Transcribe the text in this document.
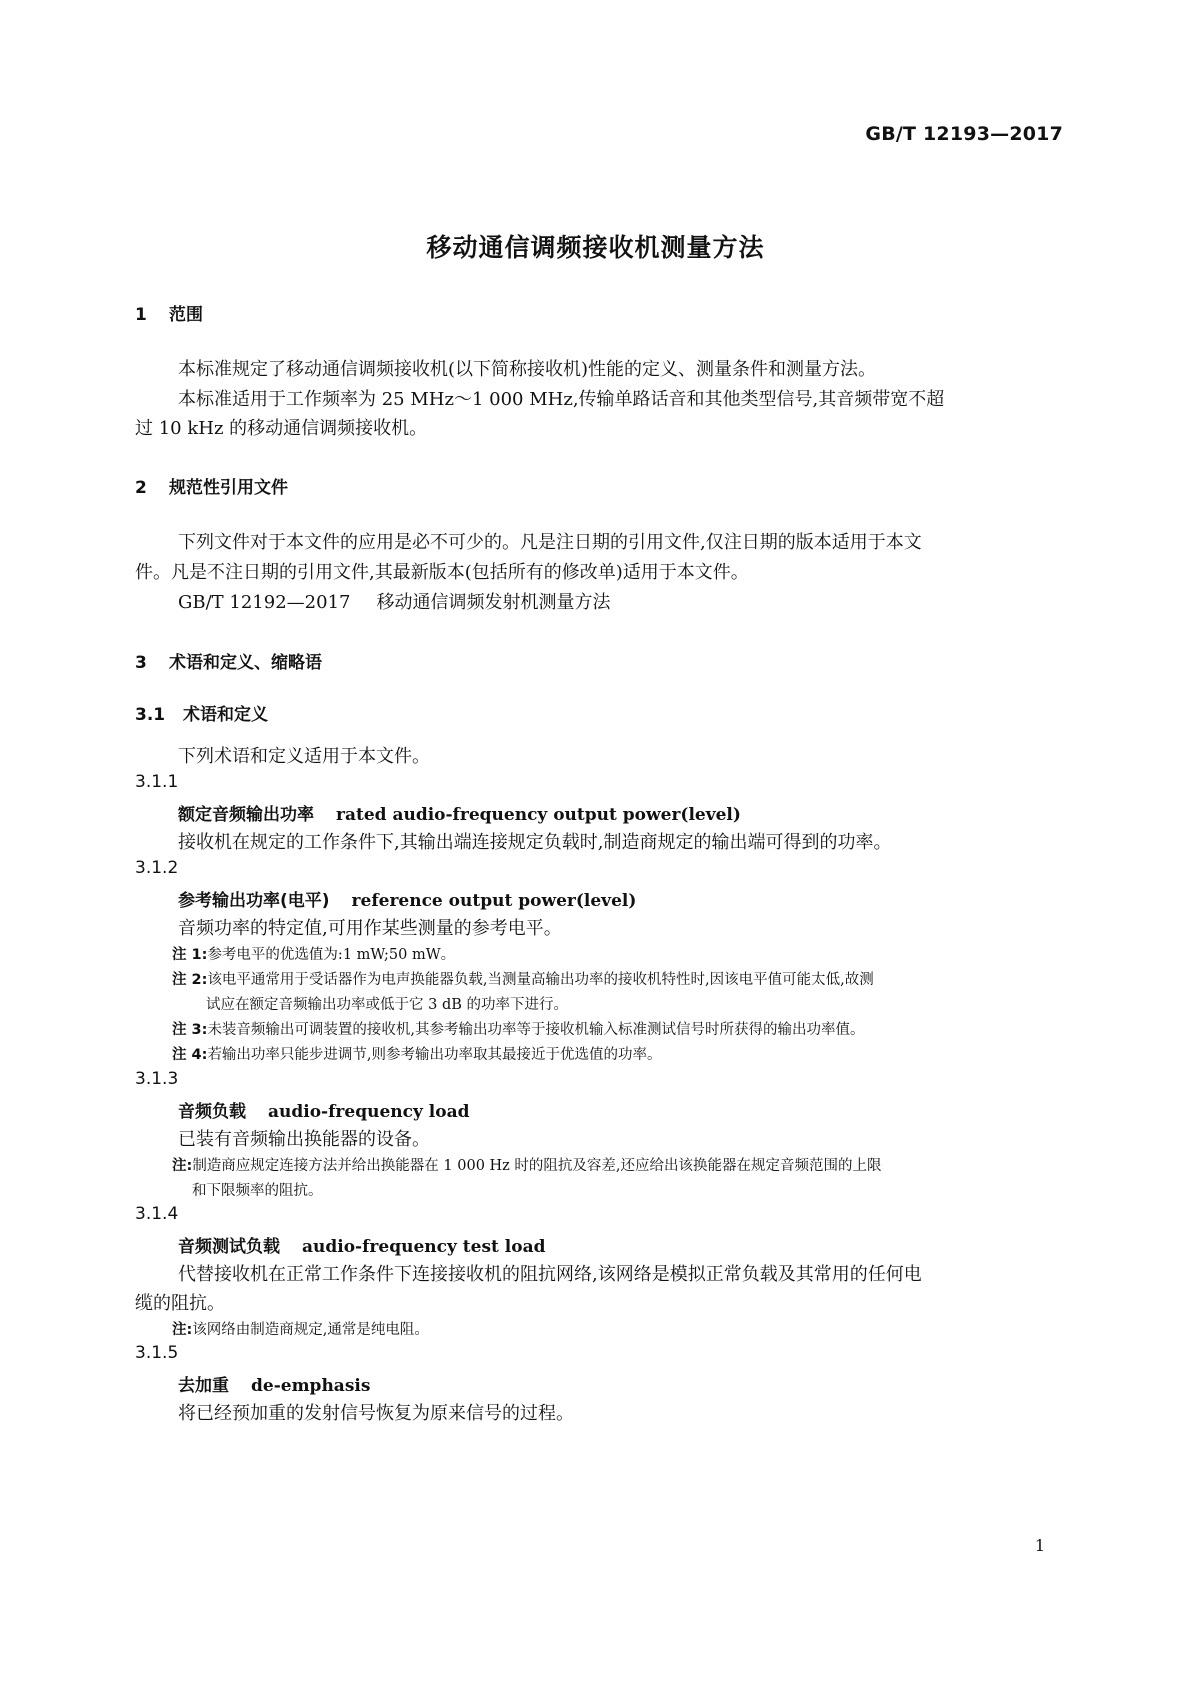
GB/T 12193—2017
移动通信调频接收机测量方法
1 范围
本标准规定了移动通信调频接收机(以下简称接收机)性能的定义、测量条件和测量方法。
本标准适用于工作频率为 25 MHz～1 000 MHz,传输单路话音和其他类型信号,其音频带宽不超
过 10 kHz 的移动通信调频接收机。
2 规范性引用文件
下列文件对于本文件的应用是必不可少的。凡是注日期的引用文件,仅注日期的版本适用于本文
件。凡是不注日期的引用文件,其最新版本(包括所有的修改单)适用于本文件。
GB/T 12192—2017 移动通信调频发射机测量方法
3 术语和定义、缩略语
3.1 术语和定义
下列术语和定义适用于本文件。
3.1.1
额定音频输出功率 rated audio-frequency output power(level)
接收机在规定的工作条件下,其输出端连接规定负载时,制造商规定的输出端可得到的功率。
3.1.2
参考输出功率(电平) reference output power(level)
音频功率的特定值,可用作某些测量的参考电平。
注 1:参考电平的优选值为:1 mW;50 mW。
注 2:该电平通常用于受话器作为电声换能器负载,当测量高输出功率的接收机特性时,因该电平值可能太低,故测
试应在额定音频输出功率或低于它 3 dB 的功率下进行。
注 3:未装音频输出可调装置的接收机,其参考输出功率等于接收机输入标准测试信号时所获得的输出功率值。
注 4:若输出功率只能步进调节,则参考输出功率取其最接近于优选值的功率。
3.1.3
音频负载 audio-frequency load
已装有音频输出换能器的设备。
注:制造商应规定连接方法并给出换能器在 1 000 Hz 时的阻抗及容差,还应给出该换能器在规定音频范围的上限
和下限频率的阻抗。
3.1.4
音频测试负载 audio-frequency test load
代替接收机在正常工作条件下连接接收机的阻抗网络,该网络是模拟正常负载及其常用的任何电
缆的阻抗。
注:该网络由制造商规定,通常是纯电阻。
3.1.5
去加重 de-emphasis
将已经预加重的发射信号恢复为原来信号的过程。
1
